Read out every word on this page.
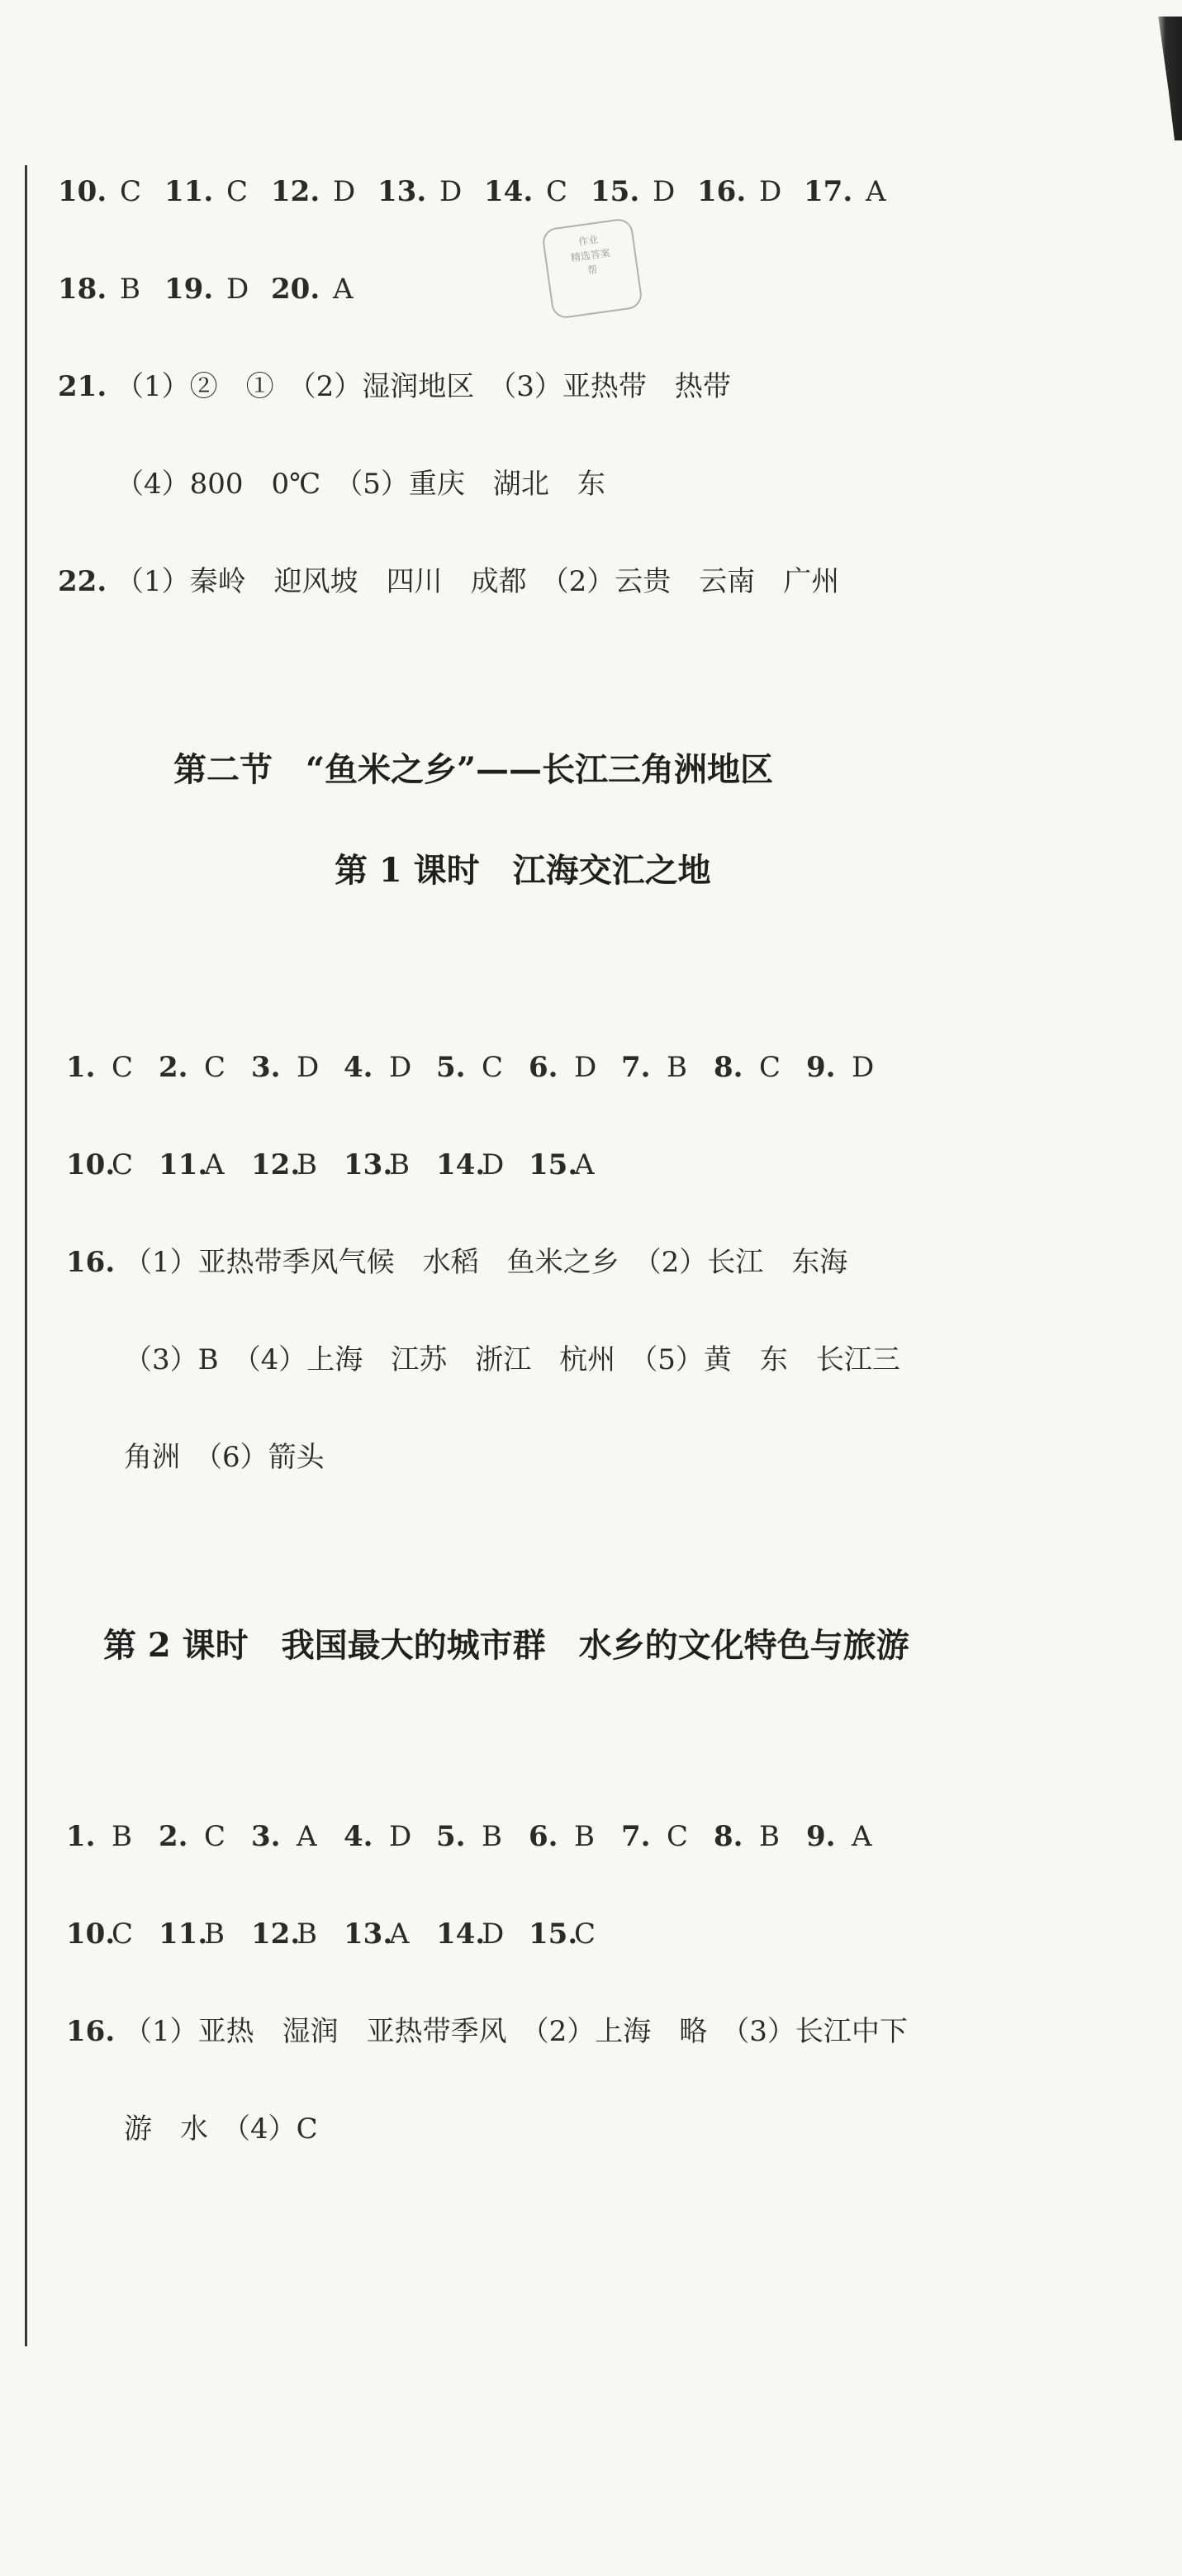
作业
精选答案
帮
10. C 11. C 12. D 13. D 14. C 15. D 16. D 17. A
18. B 19. D 20. A
21. （1）②　①　（2）湿润地区　（3）亚热带　热带
（4）800　0℃　（5）重庆　湖北　东
22. （1）秦岭　迎风坡　四川　成都　（2）云贵　云南　广州
第二节　“鱼米之乡”——长江三角洲地区
第 1 课时　江海交汇之地
1. C 2. C 3. D 4. D 5. C 6. D 7. B 8. C 9. D
10.
C 11.
A 12.
B 13.
B 14.
D 15.
A
16. （1）亚热带季风气候　水稻　鱼米之乡　（2）长江　东海
（3）B　（4）上海　江苏　浙江　杭州　（5）黄　东　长江三
角洲　（6）箭头
第 2 课时　我国最大的城市群　水乡的文化特色与旅游
1. B 2. C 3. A 4. D 5. B 6. B 7. C 8. B 9. A
10.
C 11.
B 12.
B 13.
A 14.
D 15.
C
16. （1）亚热　湿润　亚热带季风　（2）上海　略　（3）长江中下
游　水　（4）C
